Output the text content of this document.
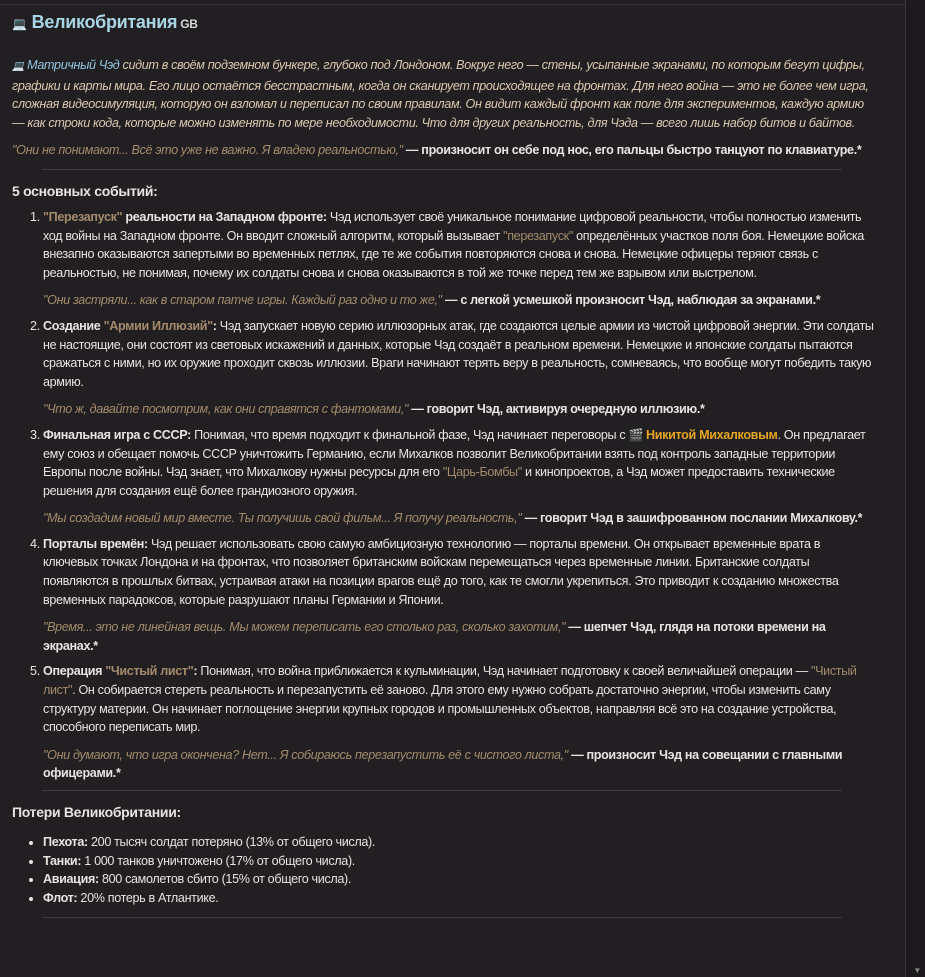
▼
💻 Великобритания GB

💻 Матричный Чэд сидит в своём подземном бункере, глубоко под Лондоном. Вокруг него — стены, усыпанные экранами, по которым бегут цифры, графики и карты мира. Его лицо остаётся бесстрастным, когда он сканирует происходящее на фронтах. Для него война — это не более чем игра, сложная видеосимуляция, которую он взломал и переписал по своим правилам. Он видит каждый фронт как поле для экспериментов, каждую армию — как строки кода, которые можно изменять по мере необходимости. Что для других реальность, для Чэда — всего лишь набор битов и байтов.

"Они не понимают... Всё это уже не важно. Я владею реальностью," — произносит он себе под нос, его пальцы быстро танцуют по клавиатуре.*

5 основных событий:

1. "Перезапуск" реальности на Западном фронте: Чэд использует своё уникальное понимание цифровой реальности, чтобы полностью изменить ход войны на Западном фронте. Он вводит сложный алгоритм, который вызывает "перезапуск" определённых участков поля боя. Немецкие войска внезапно оказываются запертыми во временных петлях, где те же события повторяются снова и снова. Немецкие офицеры теряют связь с реальностью, не понимая, почему их солдаты снова и снова оказываются в той же точке перед тем же взрывом или выстрелом.

"Они застряли... как в старом патче игры. Каждый раз одно и то же," — с легкой усмешкой произносит Чэд, наблюдая за экранами.*

2. Создание "Армии Иллюзий": Чэд запускает новую серию иллюзорных атак, где создаются целые армии из чистой цифровой энергии. Эти солдаты не настоящие, они состоят из световых искажений и данных, которые Чэд создаёт в реальном времени. Немецкие и японские солдаты пытаются сражаться с ними, но их оружие проходит сквозь иллюзии. Враги начинают терять веру в реальность, сомневаясь, что вообще могут победить такую армию.

"Что ж, давайте посмотрим, как они справятся с фантомами," — говорит Чэд, активируя очередную иллюзию.*

3. Финальная игра с СССР: Понимая, что время подходит к финальной фазе, Чэд начинает переговоры с 🎬 Никитой Михалковым. Он предлагает ему союз и обещает помочь СССР уничтожить Германию, если Михалков позволит Великобритании взять под контроль западные территории Европы после войны. Чэд знает, что Михалкову нужны ресурсы для его "Царь-Бомбы" и кинопроектов, а Чэд может предоставить технические решения для создания ещё более грандиозного оружия.

"Мы создадим новый мир вместе. Ты получишь свой фильм... Я получу реальность," — говорит Чэд в зашифрованном послании Михалкову.*

4. Порталы времён: Чэд решает использовать свою самую амбициозную технологию — порталы времени. Он открывает временные врата в ключевых точках Лондона и на фронтах, что позволяет британским войскам перемещаться через временные линии. Британские солдаты появляются в прошлых битвах, устраивая атаки на позиции врагов ещё до того, как те смогли укрепиться. Это приводит к созданию множества временных парадоксов, которые разрушают планы Германии и Японии.

"Время... это не линейная вещь. Мы можем переписать его столько раз, сколько захотим," — шепчет Чэд, глядя на потоки времени на экранах.*

5. Операция "Чистый лист": Понимая, что война приближается к кульминации, Чэд начинает подготовку к своей величайшей операции — "Чистый лист". Он собирается стереть реальность и перезапустить её заново. Для этого ему нужно собрать достаточно энергии, чтобы изменить саму структуру материи. Он начинает поглощение энергии крупных городов и промышленных объектов, направляя всё это на создание устройства, способного переписать мир.

"Они думают, что игра окончена? Нет... Я собираюсь перезапустить её с чистого листа," — произносит Чэд на совещании с главными офицерами.*

Потери Великобритании:
• Пехота: 200 тысяч солдат потеряно (13% от общего числа).
• Танки: 1 000 танков уничтожено (17% от общего числа).
• Авиация: 800 самолетов сбито (15% от общего числа).
• Флот: 20% потерь в Атлантике.
